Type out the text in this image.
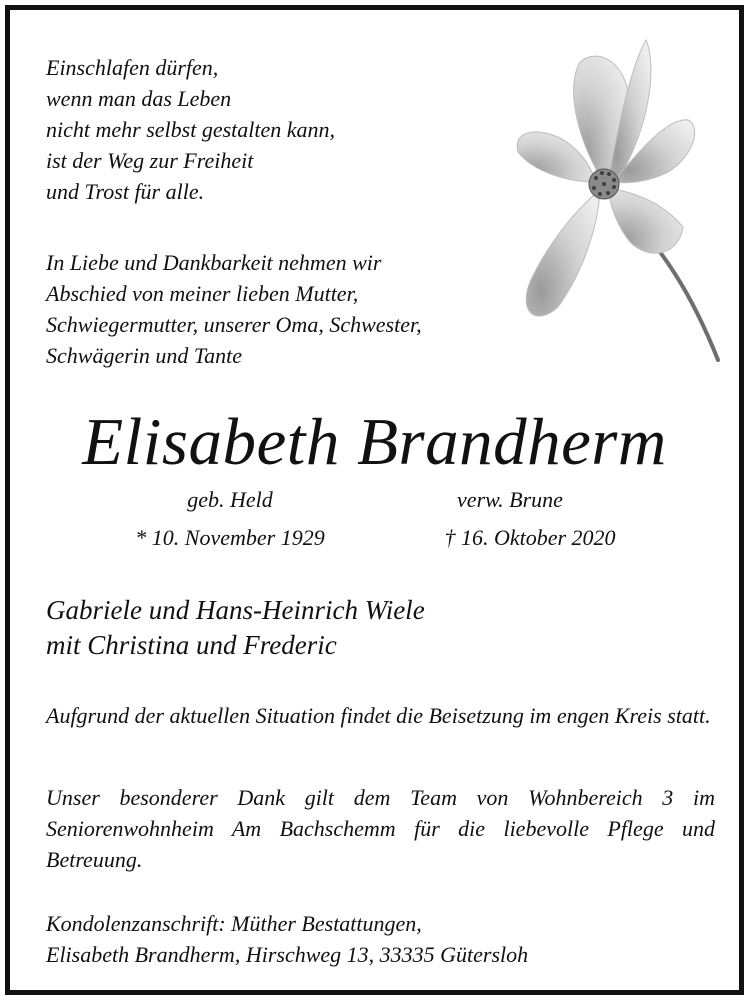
Einschlafen dürfen,
wenn man das Leben
nicht mehr selbst gestalten kann,
ist der Weg zur Freiheit
und Trost für alle.
In Liebe und Dankbarkeit nehmen wir
Abschied von meiner lieben Mutter,
Schwiegermutter, unserer Oma, Schwester,
Schwägerin und Tante
Elisabeth Brandherm
geb. Held	verw. Brune
* 10. November 1929	† 16. Oktober 2020
Gabriele und Hans-Heinrich Wiele
mit Christina und Frederic
Aufgrund der aktuellen Situation findet die Beisetzung im engen Kreis statt.
Unser besonderer Dank gilt dem Team von Wohnbereich 3 im Seniorenwohnheim Am Bachschemm für die liebevolle Pflege und Betreuung.
Kondolenzanschrift: Müther Bestattungen,
Elisabeth Brandherm, Hirschweg 13, 33335 Gütersloh
